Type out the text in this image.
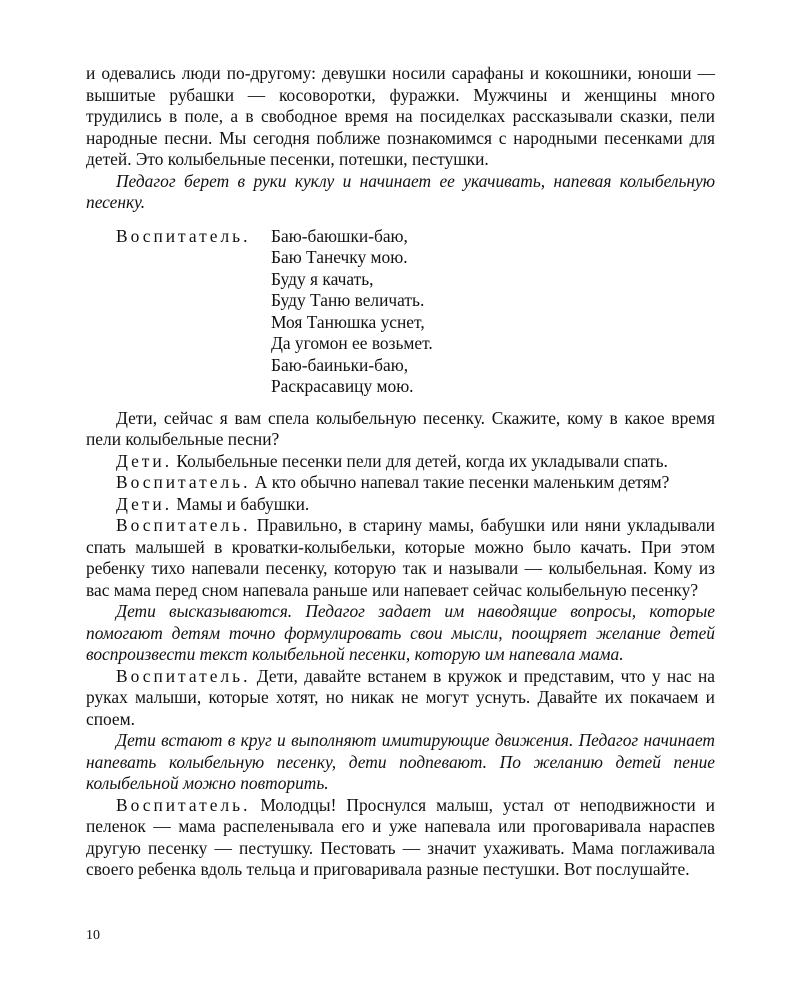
и одевались люди по-другому: девушки носили сарафаны и кокошники, юноши — вышитые рубашки — косоворотки, фуражки. Мужчины и женщины много трудились в поле, а в свободное время на посиделках рассказывали сказки, пели народные песни. Мы сегодня поближе познакомимся с народными песенками для детей. Это колыбельные песенки, потешки, пестушки.

Педагог берет в руки куклу и начинает ее укачивать, напевая колыбельную песенку.

Воспитатель.	Баю-баюшки-баю,
Баю Танечку мою.
Буду я качать,
Буду Таню величать.
Моя Танюшка уснет,
Да угомон ее возьмет.
Баю-баиньки-баю,
Раскрасавицу мою.

Дети, сейчас я вам спела колыбельную песенку. Скажите, кому в какое время пели колыбельные песни?

Дети. Колыбельные песенки пели для детей, когда их укладывали спать.

Воспитатель. А кто обычно напевал такие песенки маленьким детям?

Дети. Мамы и бабушки.

Воспитатель. Правильно, в старину мамы, бабушки или няни укладывали спать малышей в кроватки-колыбельки, которые можно было качать. При этом ребенку тихо напевали песенку, которую так и называли — колыбельная. Кому из вас мама перед сном напевала раньше или напевает сейчас колыбельную песенку?

Дети высказываются. Педагог задает им наводящие вопросы, которые помогают детям точно формулировать свои мысли, поощряет желание детей воспроизвести текст колыбельной песенки, которую им напевала мама.

Воспитатель. Дети, давайте встанем в кружок и представим, что у нас на руках малыши, которые хотят, но никак не могут уснуть. Давайте их покачаем и споем.

Дети встают в круг и выполняют имитирующие движения. Педагог начинает напевать колыбельную песенку, дети подпевают. По желанию детей пение колыбельной можно повторить.

Воспитатель. Молодцы! Проснулся малыш, устал от неподвижности и пеленок — мама распеленывала его и уже напевала или проговаривала нараспев другую песенку — пестушку. Пестовать — значит ухаживать. Мама поглаживала своего ребенка вдоль тельца и приговаривала разные пестушки. Вот послушайте.

10
